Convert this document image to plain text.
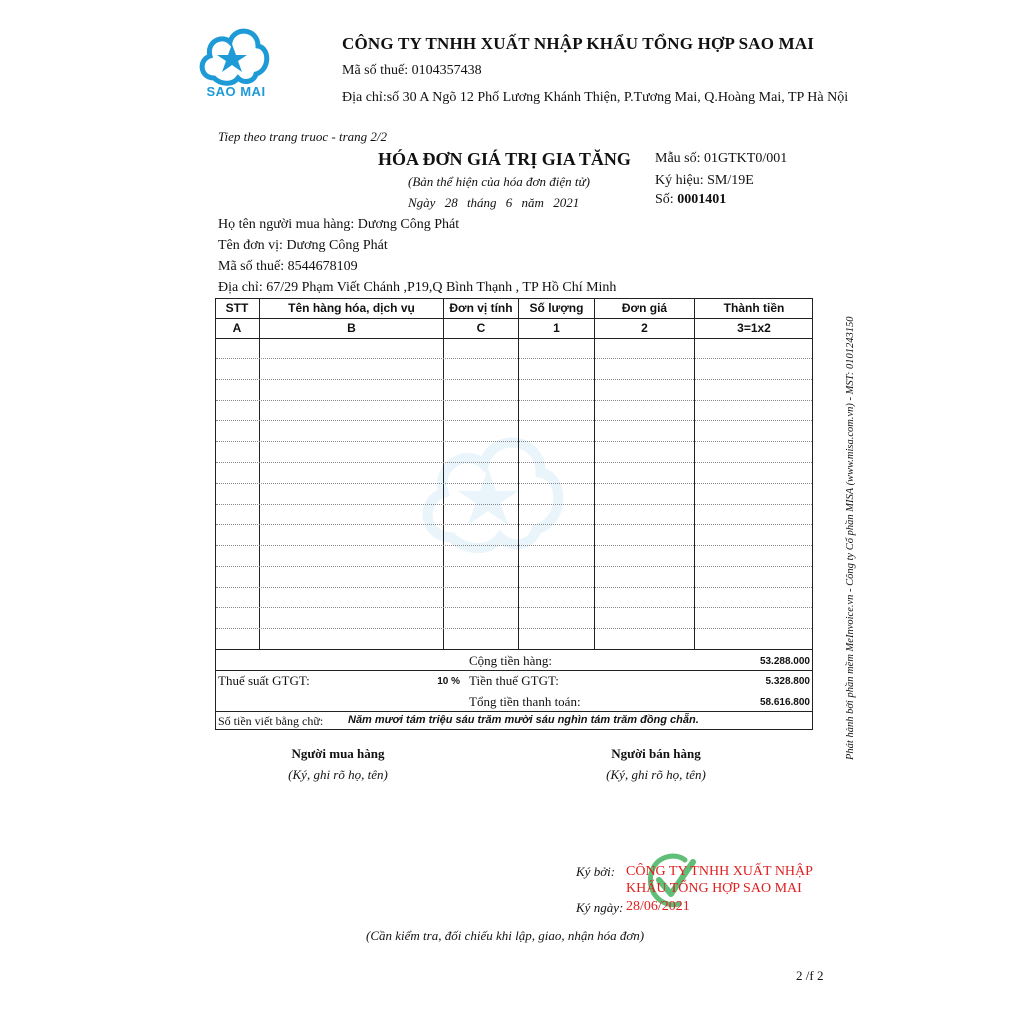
SAO MAI
CÔNG TY TNHH XUẤT NHẬP KHẨU TỔNG HỢP SAO MAI
Mã số thuế: 0104357438
Địa chỉ:số 30 A Ngõ 12 Phố Lương Khánh Thiện, P.Tương Mai, Q.Hoàng Mai, TP Hà Nội
Tiep theo trang truoc - trang 2/2
HÓA ĐƠN GIÁ TRỊ GIA TĂNG
(Bản thể hiện của hóa đơn điện tử)
Ngày 28 tháng 6 năm 2021
Mẫu số: 01GTKT0/001
Ký hiệu: SM/19E
Số: 0001401
Họ tên người mua hàng: Dương Công Phát
Tên đơn vị: Dương Công Phát
Mã số thuế: 8544678109
Địa chỉ: 67/29 Phạm Viết Chánh ,P19,Q Bình Thạnh , TP Hồ Chí Minh
STT	Tên hàng hóa, dịch vụ	Đơn vị tính	Số lượng	Đơn giá	Thành tiền
A	B	C	1	2	3=1x2
Cộng tiền hàng:	53.288.000
Thuế suất GTGT:	10 % Tiền thuế GTGT:	5.328.800
Tổng tiền thanh toán:	58.616.800
Số tiền viết bằng chữ: Năm mươi tám triệu sáu trăm mười sáu nghìn tám trăm đồng chẵn.
Người mua hàng
(Ký, ghi rõ họ, tên)
Người bán hàng
(Ký, ghi rõ họ, tên)
Ký bởi: CÔNG TY TNHH XUẤT NHẬP KHẨU TỔNG HỢP SAO MAI
Ký ngày: 28/06/2021
(Cần kiểm tra, đối chiếu khi lập, giao, nhận hóa đơn)
2 /f 2
Phát hành bởi phần mềm MeInvoice.vn - Công ty Cổ phần MISA (www.misa.com.vn) - MST: 0101243150
